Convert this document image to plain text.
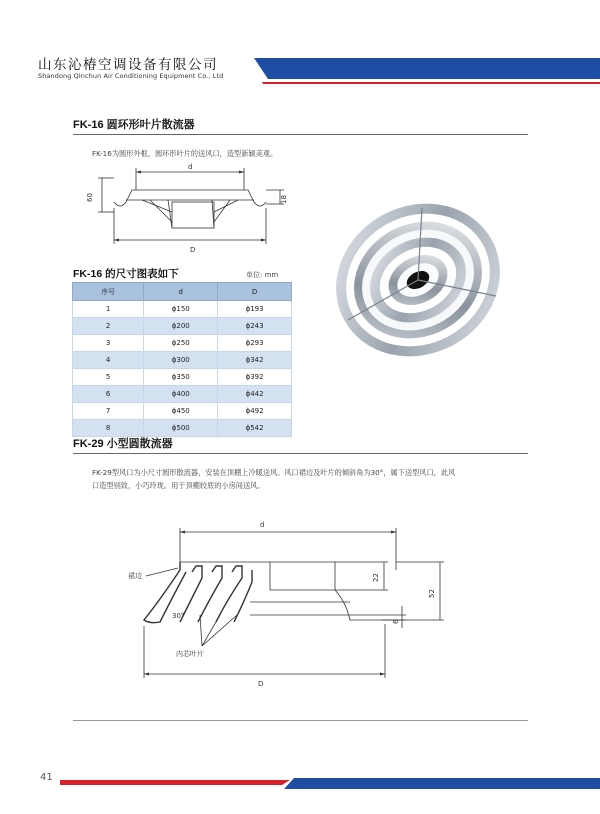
山东沁椿空调设备有限公司
Shandong Qinchun Air Conditioning Equipment Co., Ltd
FK-16 圆环形叶片散流器
FK-16为圆形外框，圆环形叶片的送风口，造型新颖美观。
d
D
60	18
FK-16 的尺寸图表如下	单位: mm
序号	d	D
1	ϕ150	ϕ193
2	ϕ200	ϕ243
3	ϕ250	ϕ293
4	ϕ300	ϕ342
5	ϕ350	ϕ392
6	ϕ400	ϕ442
7	ϕ450	ϕ492
8	ϕ500	ϕ542
FK-29 小型圆散流器
FK-29型风口为小尺寸圆形散流器，安装在顶棚上冷暖送风。风口裙边及叶片的倾斜角为30°，属下送型风口，此风
口造型别致，小巧玲珑。用于顶棚较底的小房间送风。
d
D
裙边
30°
内芯叶片
22
52
6
41
